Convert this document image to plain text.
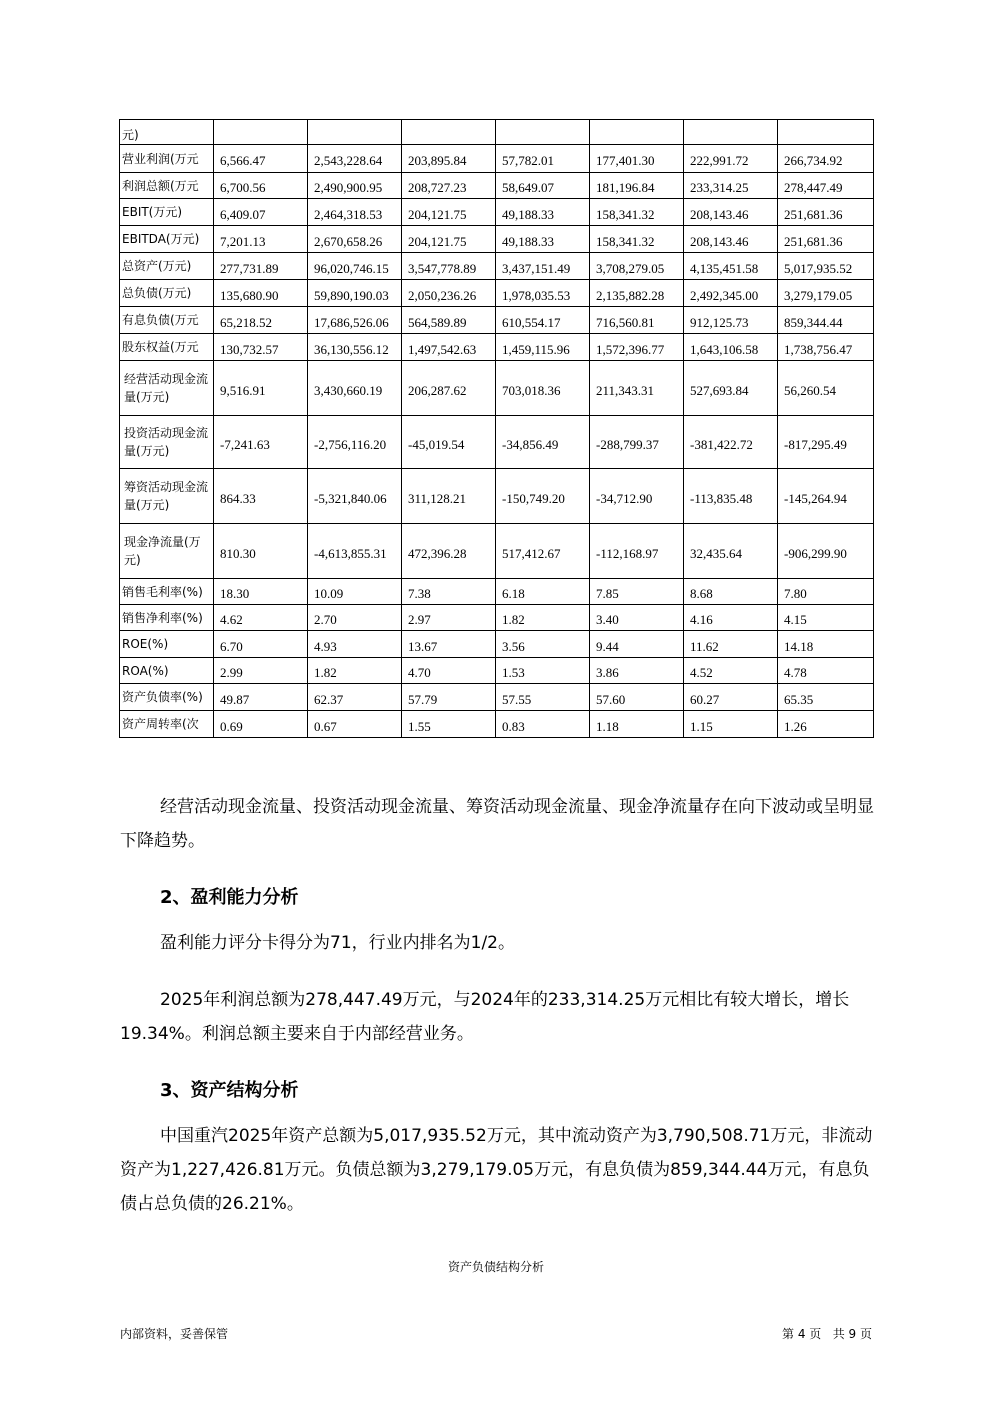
元)							
营业利润(万元	6,566.47	2,543,228.64	203,895.84	57,782.01	177,401.30	222,991.72	266,734.92
利润总额(万元	6,700.56	2,490,900.95	208,727.23	58,649.07	181,196.84	233,314.25	278,447.49
EBIT(万元)	6,409.07	2,464,318.53	204,121.75	49,188.33	158,341.32	208,143.46	251,681.36
EBITDA(万元)	7,201.13	2,670,658.26	204,121.75	49,188.33	158,341.32	208,143.46	251,681.36
总资产(万元)	277,731.89	96,020,746.15	3,547,778.89	3,437,151.49	3,708,279.05	4,135,451.58	5,017,935.52
总负债(万元)	135,680.90	59,890,190.03	2,050,236.26	1,978,035.53	2,135,882.28	2,492,345.00	3,279,179.05
有息负债(万元	65,218.52	17,686,526.06	564,589.89	610,554.17	716,560.81	912,125.73	859,344.44
股东权益(万元	130,732.57	36,130,556.12	1,497,542.63	1,459,115.96	1,572,396.77	1,643,106.58	1,738,756.47
经营活动现金流量(万元)	9,516.91	3,430,660.19	206,287.62	703,018.36	211,343.31	527,693.84	56,260.54
投资活动现金流量(万元)	-7,241.63	-2,756,116.20	-45,019.54	-34,856.49	-288,799.37	-381,422.72	-817,295.49
筹资活动现金流量(万元)	864.33	-5,321,840.06	311,128.21	-150,749.20	-34,712.90	-113,835.48	-145,264.94
现金净流量(万元)	810.30	-4,613,855.31	472,396.28	517,412.67	-112,168.97	32,435.64	-906,299.90
销售毛利率(%)	18.30	10.09	7.38	6.18	7.85	8.68	7.80
销售净利率(%)	4.62	2.70	2.97	1.82	3.40	4.16	4.15
ROE(%)	6.70	4.93	13.67	3.56	9.44	11.62	14.18
ROA(%)	2.99	1.82	4.70	1.53	3.86	4.52	4.78
资产负债率(%)	49.87	62.37	57.79	57.55	57.60	60.27	65.35
资产周转率(次	0.69	0.67	1.55	0.83	1.18	1.15	1.26

经营活动现金流量、投资活动现金流量、筹资活动现金流量、现金净流量存在向下波动或呈明显下降趋势。

2、盈利能力分析

盈利能力评分卡得分为71，行业内排名为1/2。

2025年利润总额为278,447.49万元，与2024年的233,314.25万元相比有较大增长，增长19.34%。利润总额主要来自于内部经营业务。

3、资产结构分析

中国重汽2025年资产总额为5,017,935.52万元，其中流动资产为3,790,508.71万元，非流动资产为1,227,426.81万元。负债总额为3,279,179.05万元，有息负债为859,344.44万元，有息负债占总负债的26.21%。

资产负债结构分析
内部资料，妥善保管	第 4 页   共 9 页
